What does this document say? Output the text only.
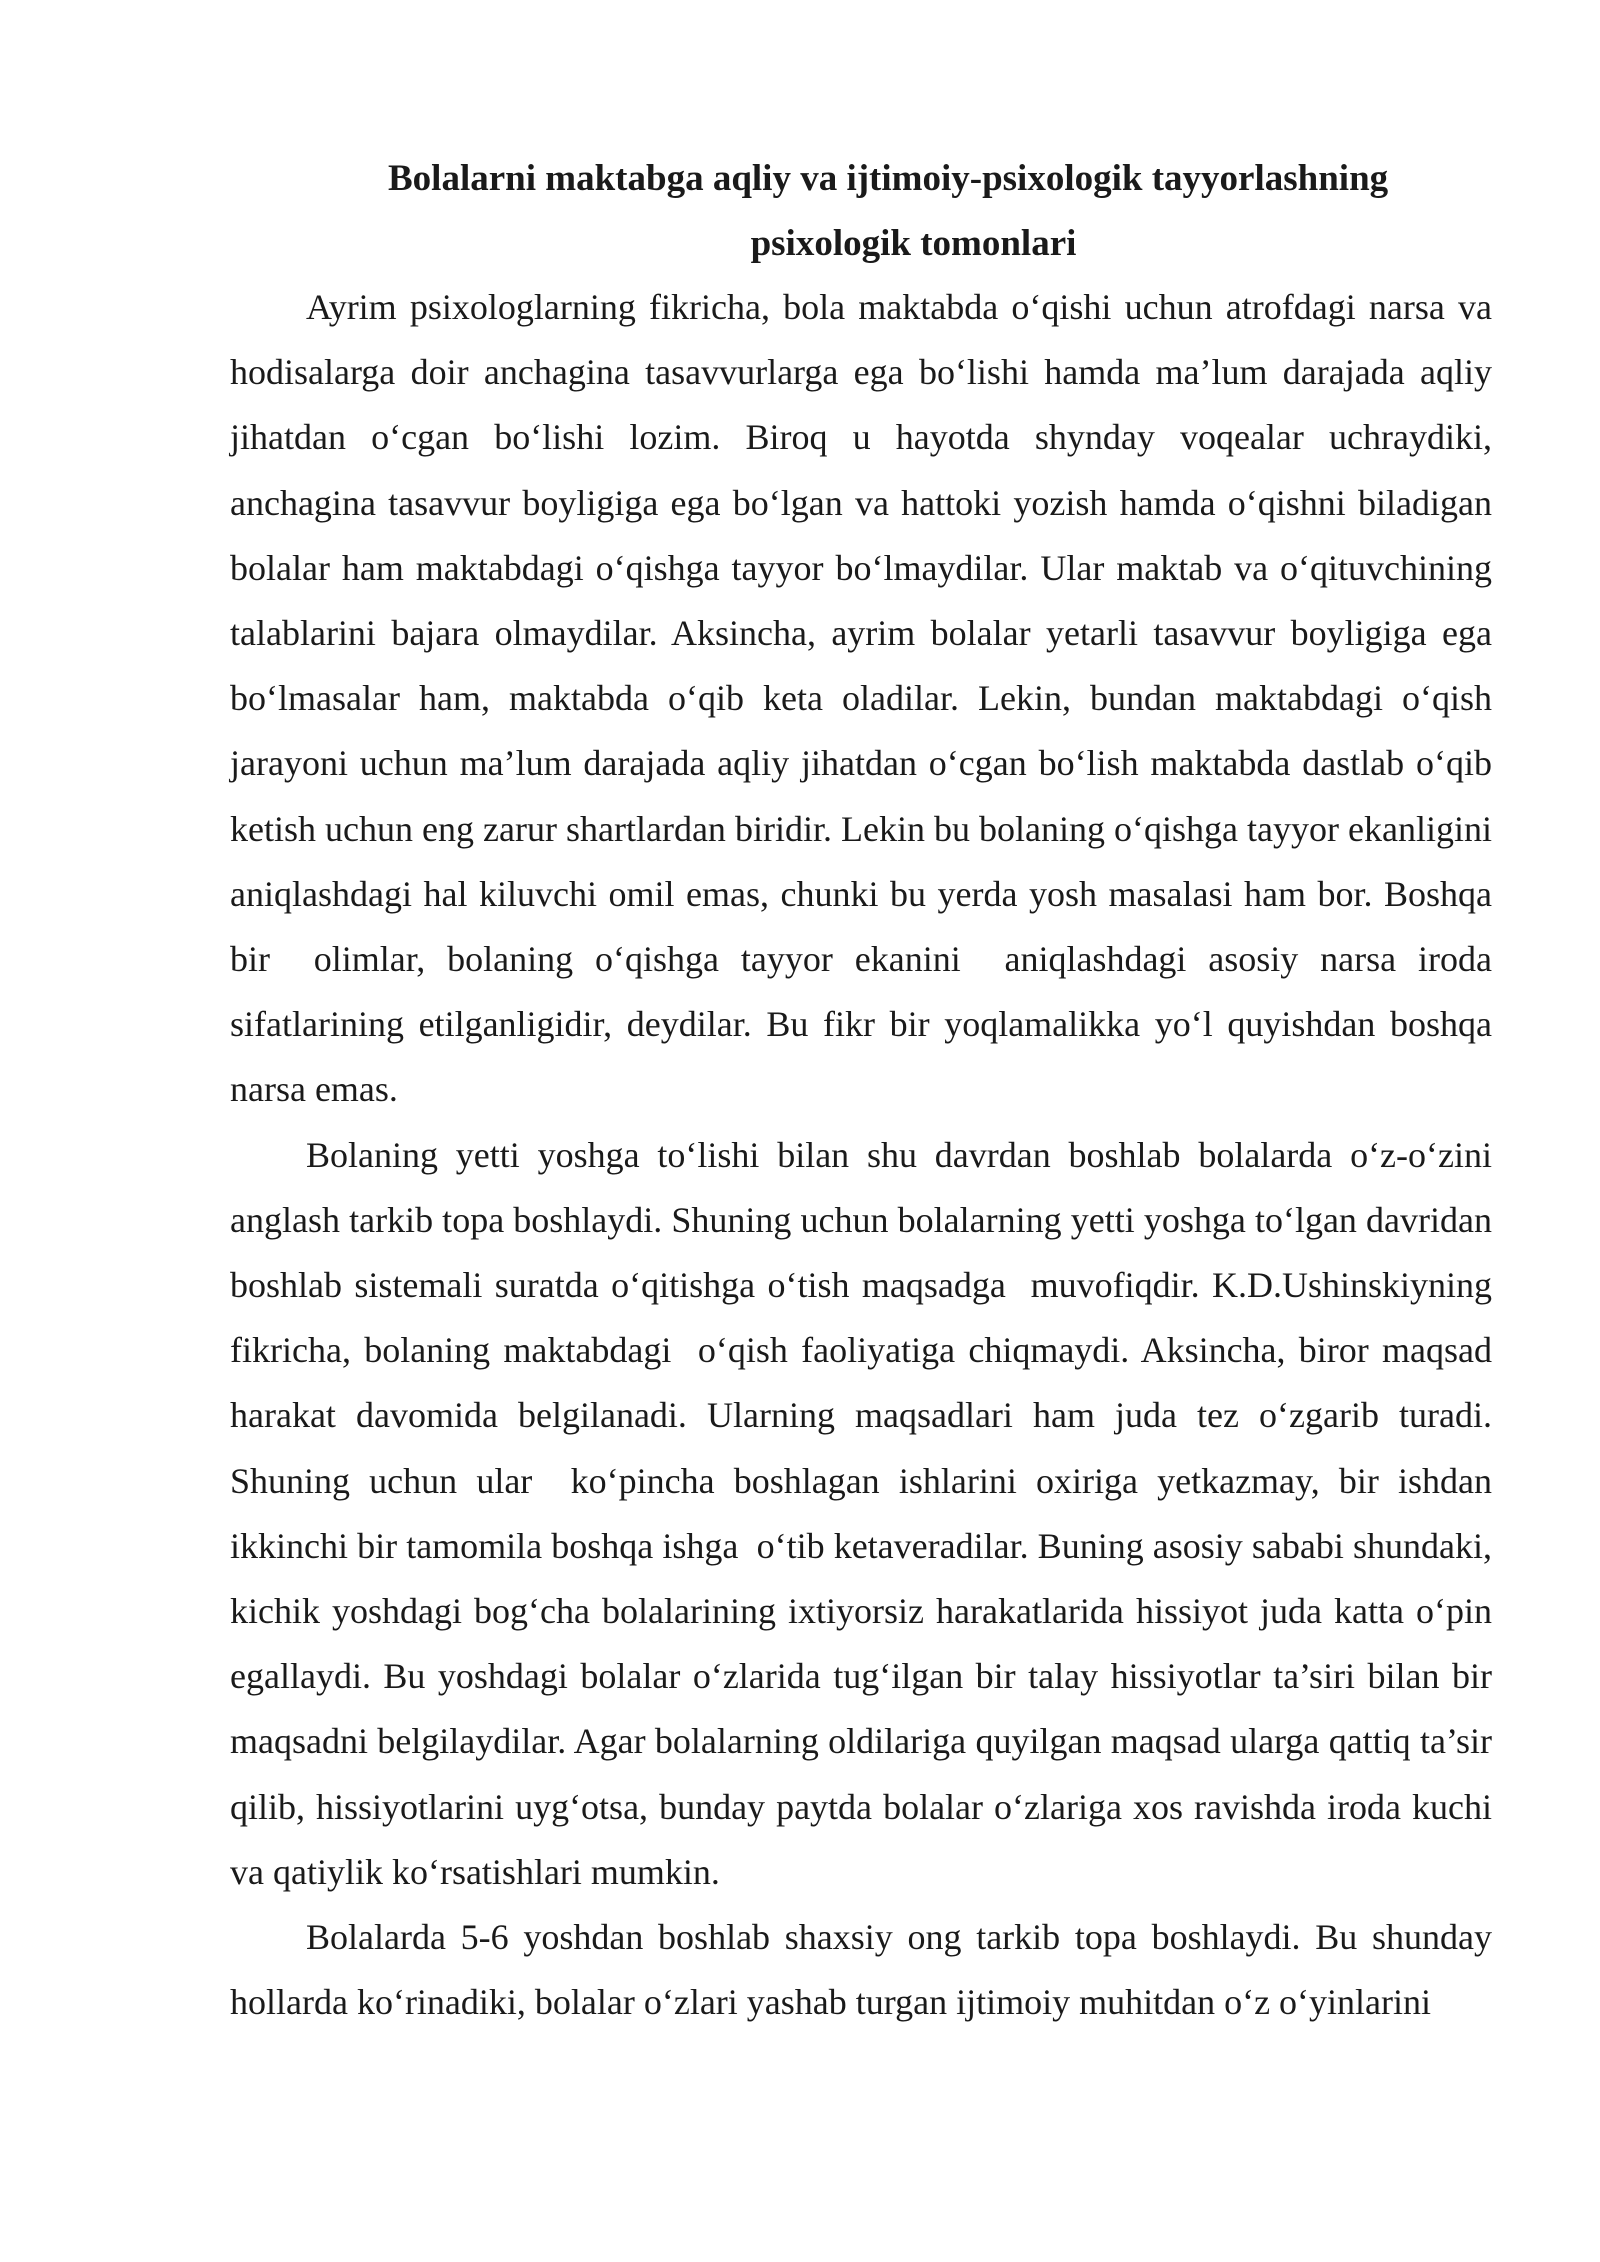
Bolalarni maktabga aqliy va ijtimoiy-psixologik tayyorlashning
psixologik tomonlari

Ayrim psixologlarning fikricha, bola maktabda o‘qishi uchun atrofdagi narsa va hodisalarga doir anchagina tasavvurlarga ega bo‘lishi hamda ma’lum darajada aqliy jihatdan o‘cgan bo‘lishi lozim. Biroq u hayotda shynday voqealar uchraydiki, anchagina tasavvur boyligiga ega bo‘lgan va hattoki yozish hamda o‘qishni biladigan bolalar ham maktabdagi o‘qishga tayyor bo‘lmaydilar. Ular maktab va o‘qituvchining talablarini bajara olmaydilar. Aksincha, ayrim bolalar yetarli tasavvur boyligiga ega  bo‘lmasalar ham, maktabda o‘qib keta oladilar. Lekin, bundan maktabdagi o‘qish jarayoni uchun ma’lum darajada aqliy jihatdan o‘cgan bo‘lish maktabda dastlab o‘qib ketish uchun eng zarur shartlardan biridir. Lekin bu bolaning o‘qishga tayyor ekanligini aniqlashdagi hal kiluvchi omil emas, chunki bu yerda yosh masalasi ham bor. Boshqa bir  olimlar, bolaning o‘qishga tayyor ekanini  aniqlashdagi asosiy narsa iroda sifatlarining etilganligidir, deydilar. Bu fikr bir yoqlamalikka yo‘l quyishdan boshqa narsa emas.

Bolaning yetti yoshga to‘lishi bilan shu davrdan boshlab bolalarda o‘z-o‘zini anglash tarkib topa boshlaydi. Shuning uchun bolalarning yetti yoshga to‘lgan davridan boshlab sistemali suratda o‘qitishga o‘tish maqsadga  muvofiqdir. K.D.Ushinskiyning fikricha, bolaning maktabdagi  o‘qish faoliyatiga chiqmaydi. Aksincha, biror maqsad harakat davomida belgilanadi. Ularning maqsadlari ham juda tez o‘zgarib turadi. Shuning uchun ular  ko‘pincha boshlagan ishlarini oxiriga yetkazmay, bir ishdan ikkinchi bir tamomila boshqa ishga  o‘tib ketaveradilar. Buning asosiy sababi shundaki, kichik yoshdagi bog‘cha bolalarining ixtiyorsiz harakatlarida hissiyot juda katta o‘pin egallaydi. Bu yoshdagi bolalar o‘zlarida tug‘ilgan bir talay hissiyotlar ta’siri bilan bir maqsadni belgilaydilar. Agar bolalarning oldilariga quyilgan maqsad ularga qattiq ta’sir qilib, hissiyotlarini uyg‘otsa, bunday paytda bolalar o‘zlariga xos ravishda iroda kuchi va qatiylik ko‘rsatishlari mumkin.

Bolalarda 5-6 yoshdan boshlab shaxsiy ong tarkib topa boshlaydi. Bu shunday hollarda ko‘rinadiki, bolalar o‘zlari yashab turgan ijtimoiy muhitdan o‘z o‘yinlarini
